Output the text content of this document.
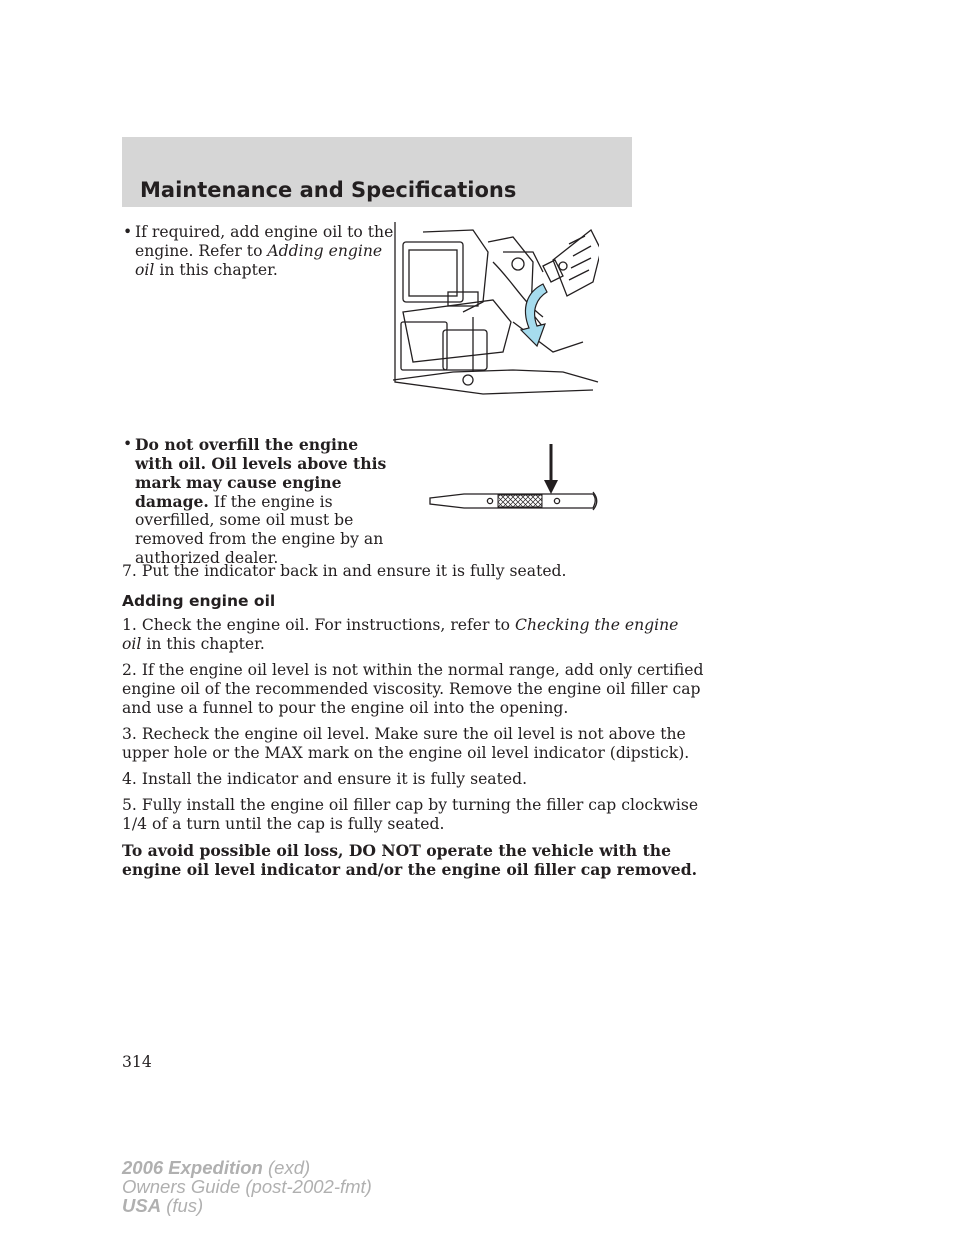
Maintenance and Specifications
• If required, add engine oil to the
engine. Refer to Adding engine
oil in this chapter.
• Do not overfill the engine
with oil. Oil levels above this
mark may cause engine
damage. If the engine is
overfilled, some oil must be
removed from the engine by an
authorized dealer.
7. Put the indicator back in and ensure it is fully seated.
Adding engine oil
1. Check the engine oil. For instructions, refer to Checking the engine
oil in this chapter.
2. If the engine oil level is not within the normal range, add only certified
engine oil of the recommended viscosity. Remove the engine oil filler cap
and use a funnel to pour the engine oil into the opening.
3. Recheck the engine oil level. Make sure the oil level is not above the
upper hole or the MAX mark on the engine oil level indicator (dipstick).
4. Install the indicator and ensure it is fully seated.
5. Fully install the engine oil filler cap by turning the filler cap clockwise
1/4 of a turn until the cap is fully seated.
To avoid possible oil loss, DO NOT operate the vehicle with the
engine oil level indicator and/or the engine oil filler cap removed.
314
2006 Expedition (exd)
Owners Guide (post-2002-fmt)
USA (fus)
